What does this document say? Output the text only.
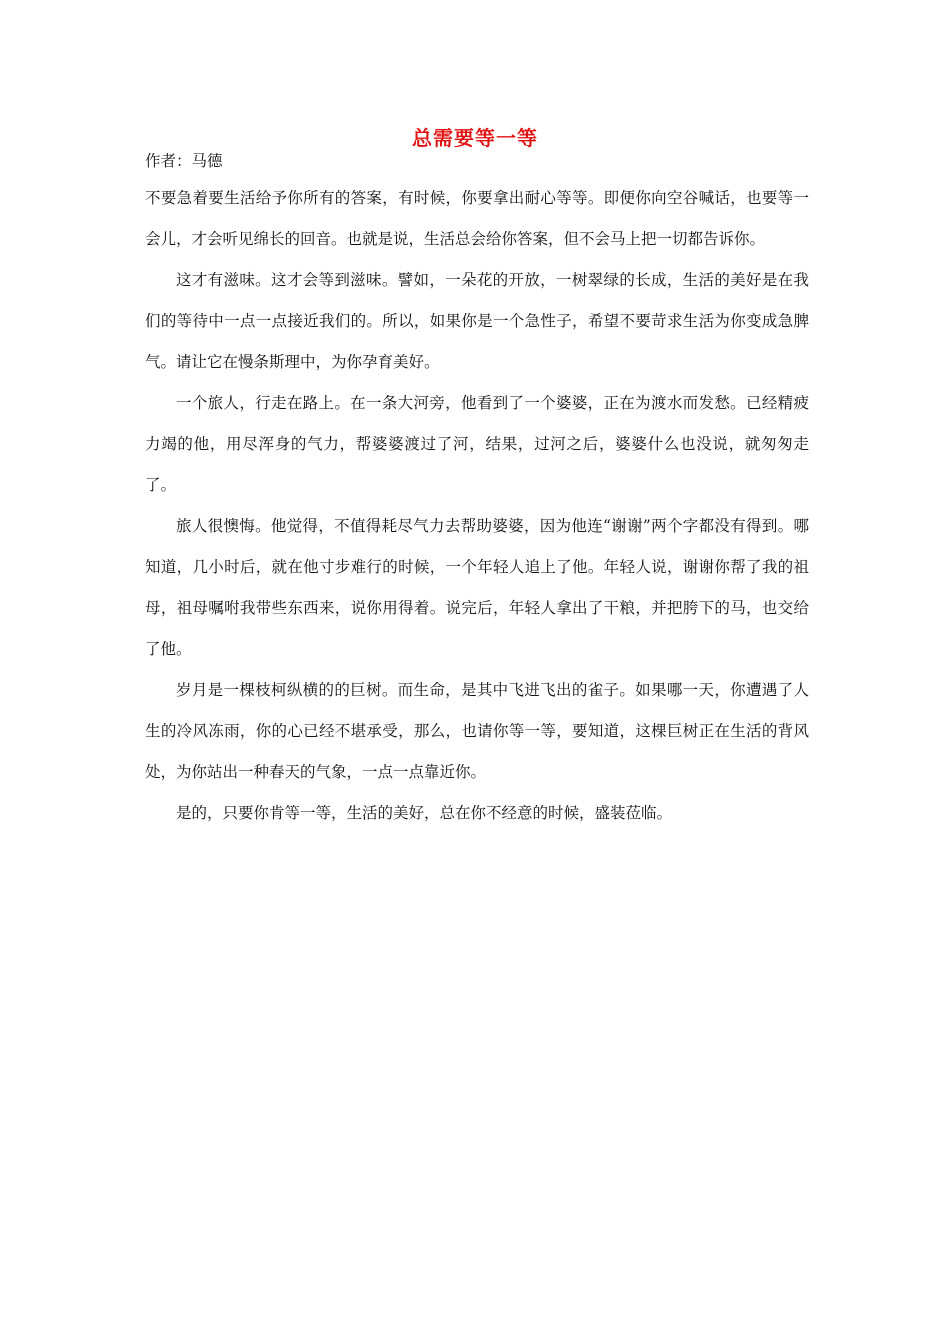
总需要等一等
作者：马德

不要急着要生活给予你所有的答案，有时候，你要拿出耐心等等。即便你向空谷喊话，也要等一会儿，才会听见绵长的回音。也就是说，生活总会给你答案，但不会马上把一切都告诉你。

这才有滋味。这才会等到滋味。譬如，一朵花的开放，一树翠绿的长成，生活的美好是在我们的等待中一点一点接近我们的。所以，如果你是一个急性子，希望不要苛求生活为你变成急脾气。请让它在慢条斯理中，为你孕育美好。

一个旅人，行走在路上。在一条大河旁，他看到了一个婆婆，正在为渡水而发愁。已经精疲力竭的他，用尽浑身的气力，帮婆婆渡过了河，结果，过河之后，婆婆什么也没说，就匆匆走了。

旅人很懊悔。他觉得，不值得耗尽气力去帮助婆婆，因为他连“谢谢”两个字都没有得到。哪知道，几小时后，就在他寸步难行的时候，一个年轻人追上了他。年轻人说，谢谢你帮了我的祖母，祖母嘱咐我带些东西来，说你用得着。说完后，年轻人拿出了干粮，并把胯下的马，也交给了他。

岁月是一棵枝柯纵横的的巨树。而生命，是其中飞进飞出的雀子。如果哪一天，你遭遇了人生的冷风冻雨，你的心已经不堪承受，那么，也请你等一等，要知道，这棵巨树正在生活的背风处，为你站出一种春天的气象，一点一点靠近你。

是的，只要你肯等一等，生活的美好，总在你不经意的时候，盛装莅临。
